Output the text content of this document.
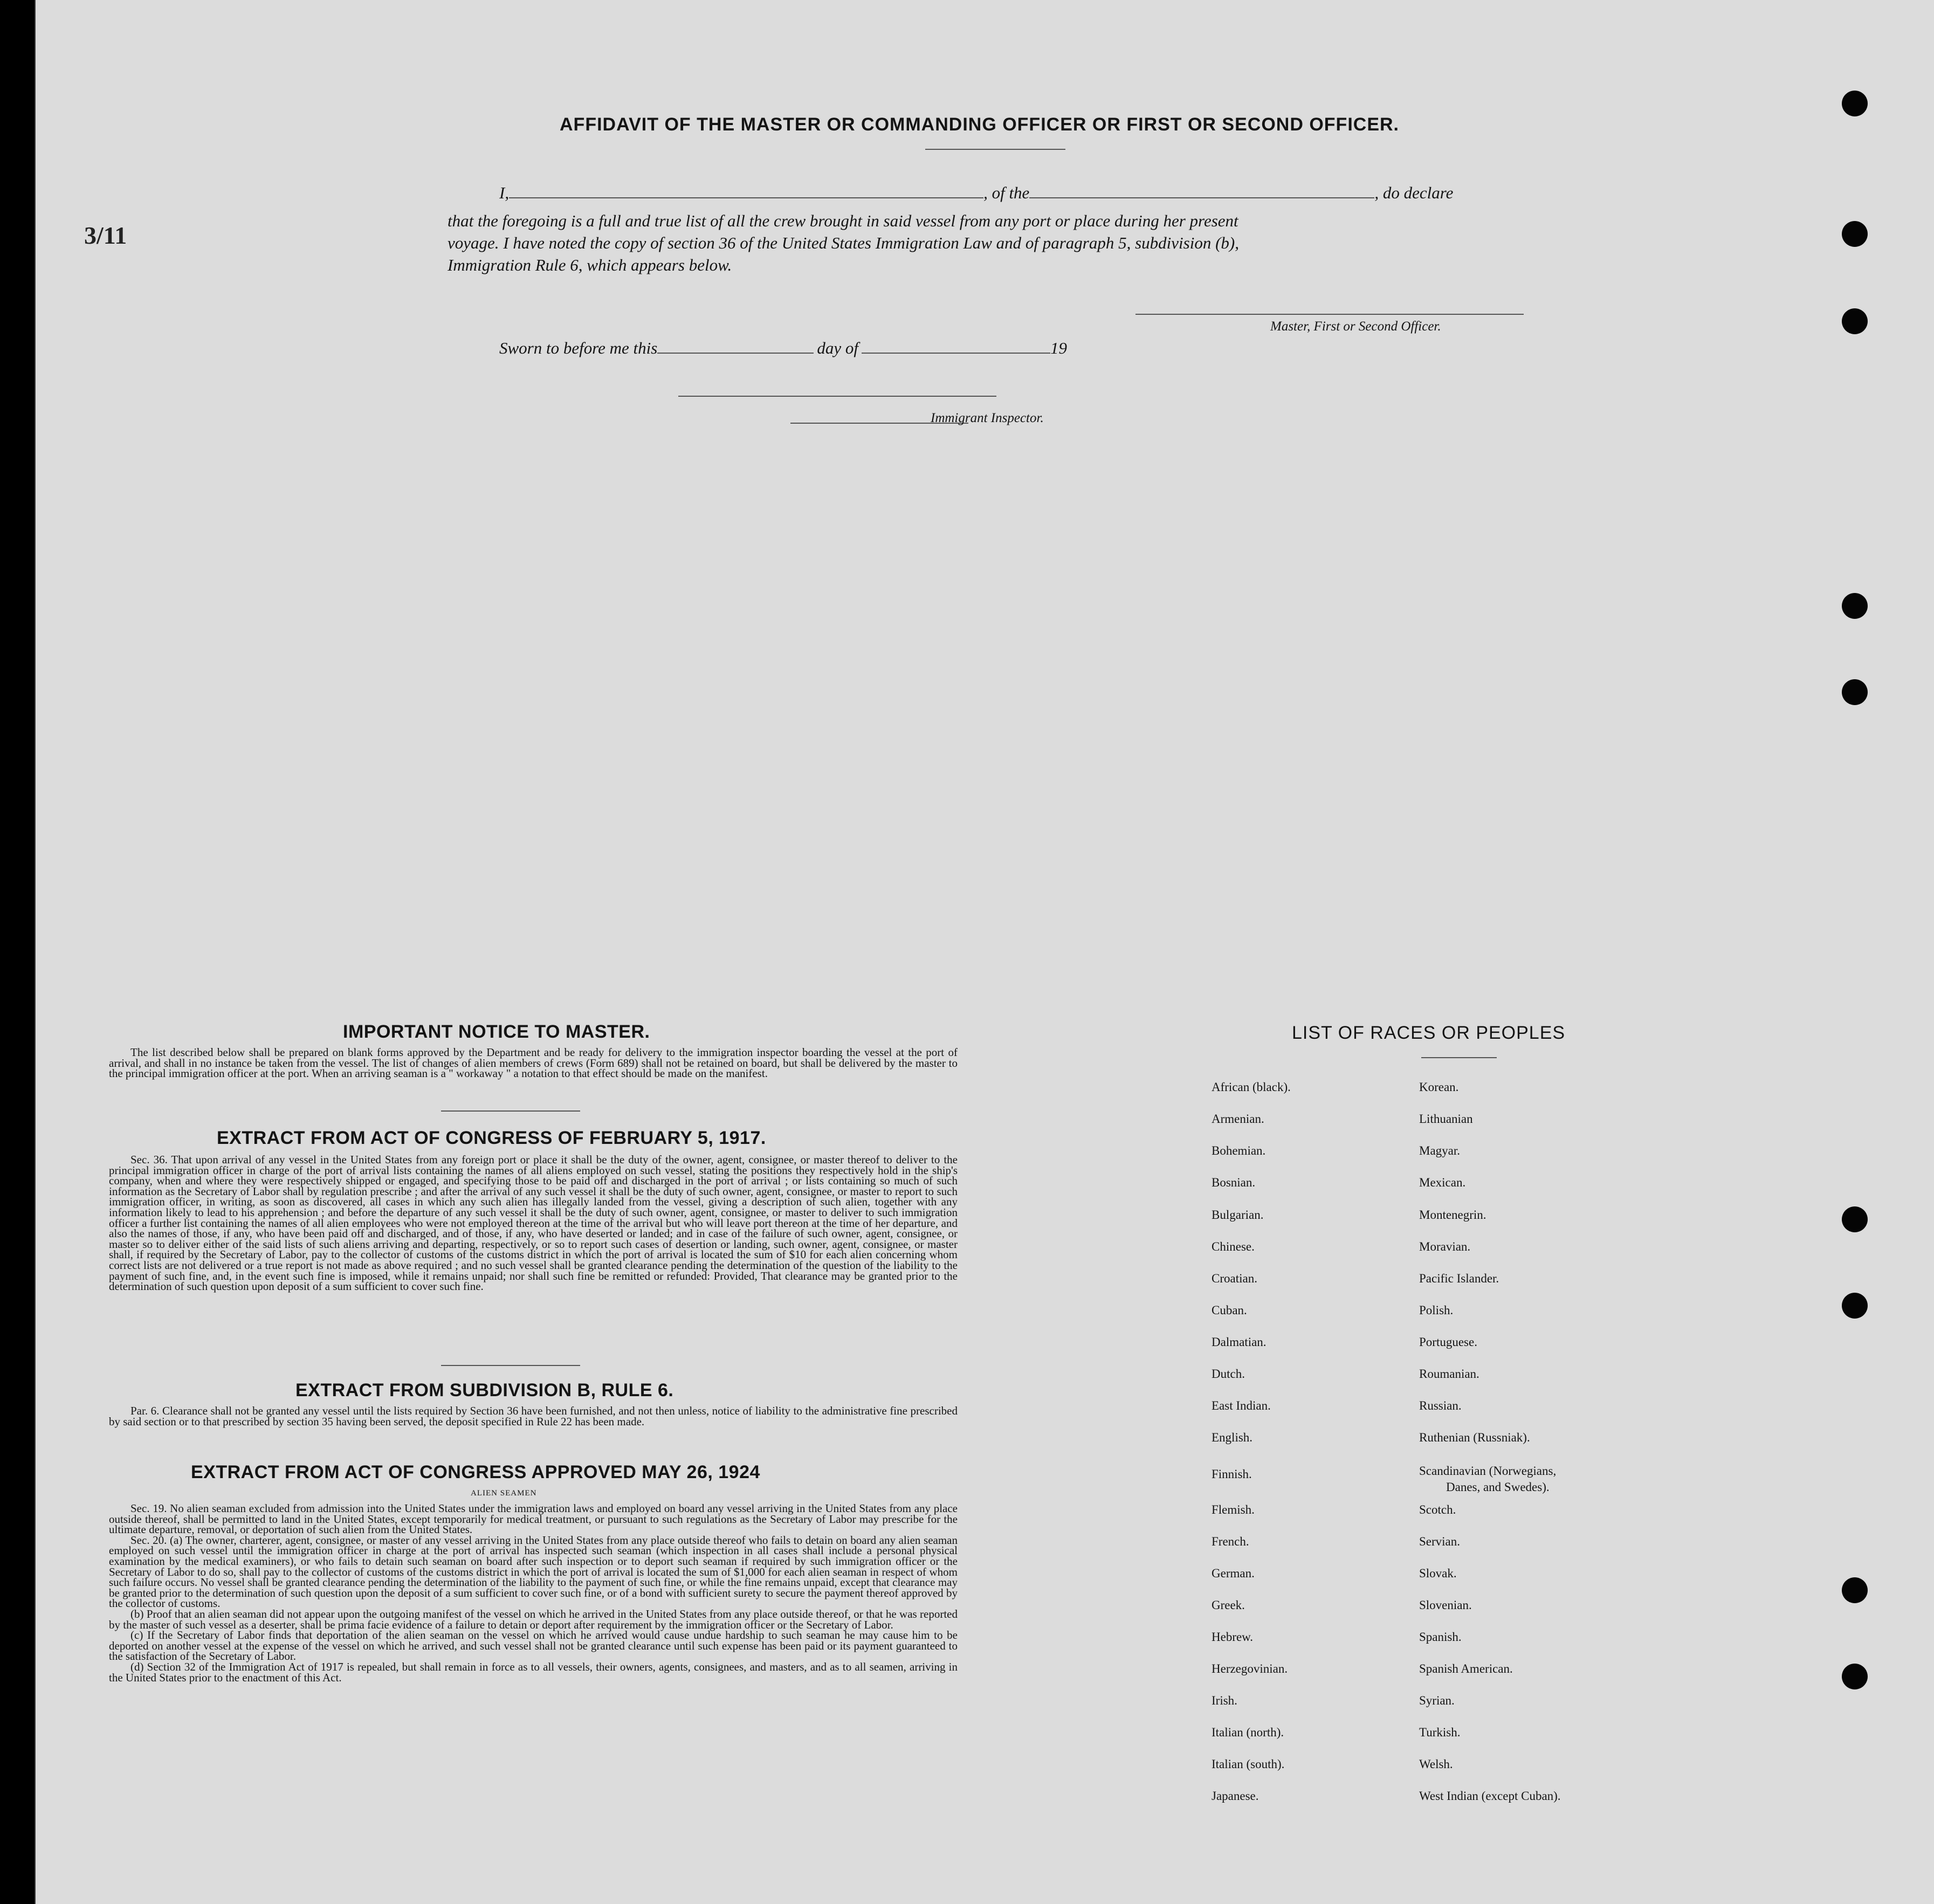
3/11
AFFIDAVIT OF THE MASTER OR COMMANDING OFFICER OR FIRST OR SECOND OFFICER.
I,	, of the	, do declare
that the foregoing is a full and true list of all the crew brought in said vessel from any port or place during her present
voyage. I have noted the copy of section 36 of the United States Immigration Law and of paragraph 5, subdivision (b),
Immigration Rule 6, which appears below.
Master, First or Second Officer.
Sworn to before me this	day of	19
Immigrant Inspector.
IMPORTANT NOTICE TO MASTER.
The list described below shall be prepared on blank forms approved by the Department and be ready for delivery to the immigration inspector boarding the vessel at the port of arrival, and shall in no instance be taken from the vessel. The list of changes of alien members of crews (Form 689) shall not be retained on board, but shall be delivered by the master to the principal immigration officer at the port. When an arriving seaman is a " workaway " a notation to that effect should be made on the manifest.
EXTRACT FROM ACT OF CONGRESS OF FEBRUARY 5, 1917.
Sec. 36. That upon arrival of any vessel in the United States from any foreign port or place it shall be the duty of the owner, agent, consignee, or master thereof to deliver to the principal immigration officer in charge of the port of arrival lists containing the names of all aliens employed on such vessel, stating the positions they respectively hold in the ship's company, when and where they were respectively shipped or engaged, and specifying those to be paid off and discharged in the port of arrival ; or lists containing so much of such information as the Secretary of Labor shall by regulation prescribe ; and after the arrival of any such vessel it shall be the duty of such owner, agent, consignee, or master to report to such immigration officer, in writing, as soon as discovered, all cases in which any such alien has illegally landed from the vessel, giving a description of such alien, together with any information likely to lead to his apprehension ; and before the departure of any such vessel it shall be the duty of such owner, agent, consignee, or master to deliver to such immigration officer a further list containing the names of all alien employees who were not employed thereon at the time of the arrival but who will leave port thereon at the time of her departure, and also the names of those, if any, who have been paid off and discharged, and of those, if any, who have deserted or landed; and in case of the failure of such owner, agent, consignee, or master so to deliver either of the said lists of such aliens arriving and departing, respectively, or so to report such cases of desertion or landing, such owner, agent, consignee, or master shall, if required by the Secretary of Labor, pay to the collector of customs of the customs district in which the port of arrival is located the sum of $10 for each alien concerning whom correct lists are not delivered or a true report is not made as above required ; and no such vessel shall be granted clearance pending the determination of the question of the liability to the payment of such fine, and, in the event such fine is imposed, while it remains unpaid; nor shall such fine be remitted or refunded: Provided, That clearance may be granted prior to the determination of such question upon deposit of a sum sufficient to cover such fine.
EXTRACT FROM SUBDIVISION B, RULE 6.
Par. 6. Clearance shall not be granted any vessel until the lists required by Section 36 have been furnished, and not then unless, notice of liability to the administrative fine prescribed by said section or to that prescribed by section 35 having been served, the deposit specified in Rule 22 has been made.
EXTRACT FROM ACT OF CONGRESS APPROVED MAY 26, 1924
ALIEN SEAMEN

Sec. 19. No alien seaman excluded from admission into the United States under the immigration laws and employed on board any vessel arriving in the United States from any place outside thereof, shall be permitted to land in the United States, except temporarily for medical treatment, or pursuant to such regulations as the Secretary of Labor may prescribe for the ultimate departure, removal, or deportation of such alien from the United States.

Sec. 20. (a) The owner, charterer, agent, consignee, or master of any vessel arriving in the United States from any place outside thereof who fails to detain on board any alien seaman employed on such vessel until the immigration officer in charge at the port of arrival has inspected such seaman (which inspection in all cases shall include a personal physical examination by the medical examiners), or who fails to detain such seaman on board after such inspection or to deport such seaman if required by such immigration officer or the Secretary of Labor to do so, shall pay to the collector of customs of the customs district in which the port of arrival is located the sum of $1,000 for each alien seaman in respect of whom such failure occurs. No vessel shall be granted clearance pending the determination of the liability to the payment of such fine, or while the fine remains unpaid, except that clearance may be granted prior to the determination of such question upon the deposit of a sum sufficient to cover such fine, or of a bond with sufficient surety to secure the payment thereof approved by the collector of customs.

(b) Proof that an alien seaman did not appear upon the outgoing manifest of the vessel on which he arrived in the United States from any place outside thereof, or that he was reported by the master of such vessel as a deserter, shall be prima facie evidence of a failure to detain or deport after requirement by the immigration officer or the Secretary of Labor.

(c) If the Secretary of Labor finds that deportation of the alien seaman on the vessel on which he arrived would cause undue hardship to such seaman he may cause him to be deported on another vessel at the expense of the vessel on which he arrived, and such vessel shall not be granted clearance until such expense has been paid or its payment guaranteed to the satisfaction of the Secretary of Labor.

(d) Section 32 of the Immigration Act of 1917 is repealed, but shall remain in force as to all vessels, their owners, agents, consignees, and masters, and as to all seamen, arriving in the United States prior to the enactment of this Act.

LIST OF RACES OR PEOPLES
African (black).
Armenian.
Bohemian.
Bosnian.
Bulgarian.
Chinese.
Croatian.
Cuban.
Dalmatian.
Dutch.
East Indian.
English.
Finnish.
Flemish.
French.
German.
Greek.
Hebrew.
Herzegovinian.
Irish.
Italian (north).
Italian (south).
Japanese.
Korean.
Lithuanian
Magyar.
Mexican.
Montenegrin.
Moravian.
Pacific Islander.
Polish.
Portuguese.
Roumanian.
Russian.
Ruthenian (Russniak).
Scandinavian (Norwegians,
Danes, and Swedes).
Scotch.
Servian.
Slovak.
Slovenian.
Spanish.
Spanish American.
Syrian.
Turkish.
Welsh.
West Indian (except Cuban).
